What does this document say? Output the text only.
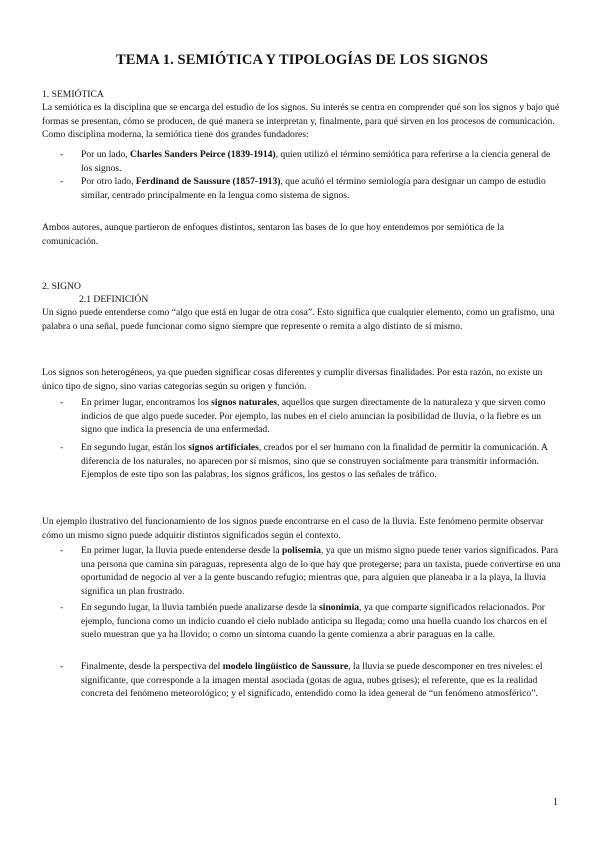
TEMA 1. SEMIÓTICA Y TIPOLOGÍAS DE LOS SIGNOS
1. SEMIÓTICA

La semiótica es la disciplina que se encarga del estudio de los signos. Su interés se centra en comprender qué son los signos y bajo qué formas se presentan, cómo se producen, de qué manera se interpretan y, finalmente, para qué sirven en los procesos de comunicación. Como disciplina moderna, la semiótica tiene dos grandes fundadores:

- Por un lado, Charles Sanders Peirce (1839-1914), quien utilizó el término semiótica para referirse a la ciencia general de los signos.
- Por otro lado, Ferdinand de Saussure (1857-1913), que acuñó el término semiología para designar un campo de estudio similar, centrado principalmente en la lengua como sistema de signos.

Ambos autores, aunque partieron de enfoques distintos, sentaron las bases de lo que hoy entendemos por semiótica de la comunicación.

2. SIGNO
2.1 DEFINICIÓN

Un signo puede entenderse como “algo que está en lugar de otra cosa”. Esto significa que cualquier elemento, como un grafismo, una palabra o una señal, puede funcionar como signo siempre que represente o remita a algo distinto de sí mismo.

Los signos son heterogéneos, ya que pueden significar cosas diferentes y cumplir diversas finalidades. Por esta razón, no existe un único tipo de signo, sino varias categorías según su origen y función.

- En primer lugar, encontramos los signos naturales, aquellos que surgen directamente de la naturaleza y que sirven como indicios de que algo puede suceder. Por ejemplo, las nubes en el cielo anuncian la posibilidad de lluvia, o la fiebre es un signo que indica la presencia de una enfermedad.
- En segundo lugar, están los signos artificiales, creados por el ser humano con la finalidad de permitir la comunicación. A diferencia de los naturales, no aparecen por sí mismos, sino que se construyen socialmente para transmitir información. Ejemplos de este tipo son las palabras, los signos gráficos, los gestos o las señales de tráfico.

Un ejemplo ilustrativo del funcionamiento de los signos puede encontrarse en el caso de la lluvia. Este fenómeno permite observar cómo un mismo signo puede adquirir distintos significados según el contexto.

- En primer lugar, la lluvia puede entenderse desde la polisemia, ya que un mismo signo puede tener varios significados. Para una persona que camina sin paraguas, representa algo de lo que hay que protegerse; para un taxista, puede convertirse en una oportunidad de negocio al ver a la gente buscando refugio; mientras que, para alguien que planeaba ir a la playa, la lluvia significa un plan frustrado.
- En segundo lugar, la lluvia también puede analizarse desde la sinonimia, ya que comparte significados relacionados. Por ejemplo, funciona como un indicio cuando el cielo nublado anticipa su llegada; como una huella cuando los charcos en el suelo muestran que ya ha llovido; o como un síntoma cuando la gente comienza a abrir paraguas en la calle.
- Finalmente, desde la perspectiva del modelo lingüístico de Saussure, la lluvia se puede descomponer en tres niveles: el significante, que corresponde a la imagen mental asociada (gotas de agua, nubes grises); el referente, que es la realidad concreta del fenómeno meteorológico; y el significado, entendido como la idea general de “un fenómeno atmosférico”.
1
